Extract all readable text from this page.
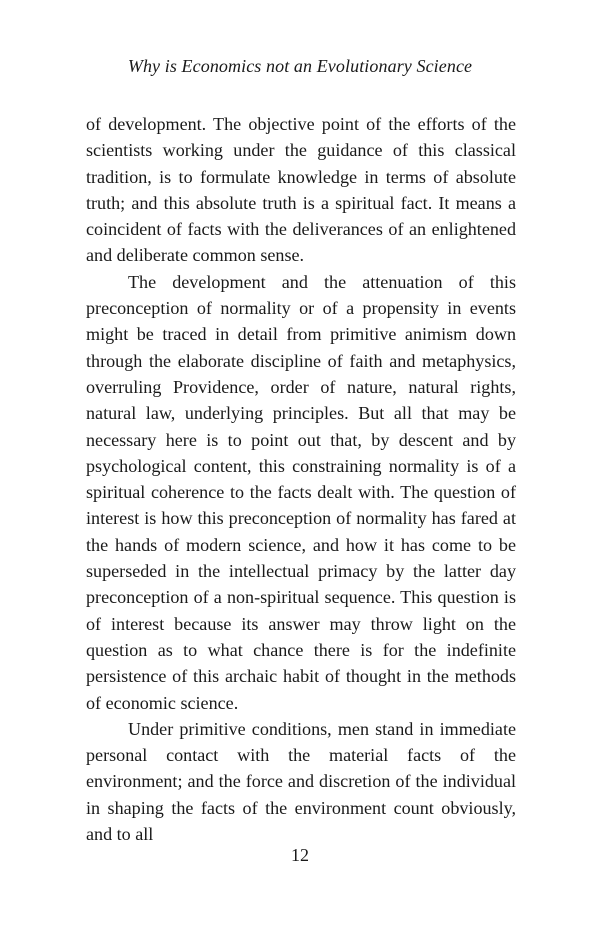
Why is Economics not an Evolutionary Science

of development. The objective point of the efforts of the scientists working under the guidance of this classical tradition, is to formulate knowledge in terms of absolute truth; and this absolute truth is a spiritual fact. It means a coincident of facts with the deliverances of an enlightened and deliberate common sense.

The development and the attenuation of this preconception of normality or of a propensity in events might be traced in detail from primitive animism down through the elaborate discipline of faith and metaphysics, overruling Providence, order of nature, natural rights, natural law, underlying principles. But all that may be necessary here is to point out that, by descent and by psychological content, this constraining normality is of a spiritual coherence to the facts dealt with. The question of interest is how this preconception of normality has fared at the hands of modern science, and how it has come to be superseded in the intellectual primacy by the latter day preconception of a non-spiritual sequence. This question is of interest because its answer may throw light on the question as to what chance there is for the indefinite persistence of this archaic habit of thought in the methods of economic science.

Under primitive conditions, men stand in immediate personal contact with the material facts of the environment; and the force and discretion of the individual in shaping the facts of the environment count obviously, and to all

12
